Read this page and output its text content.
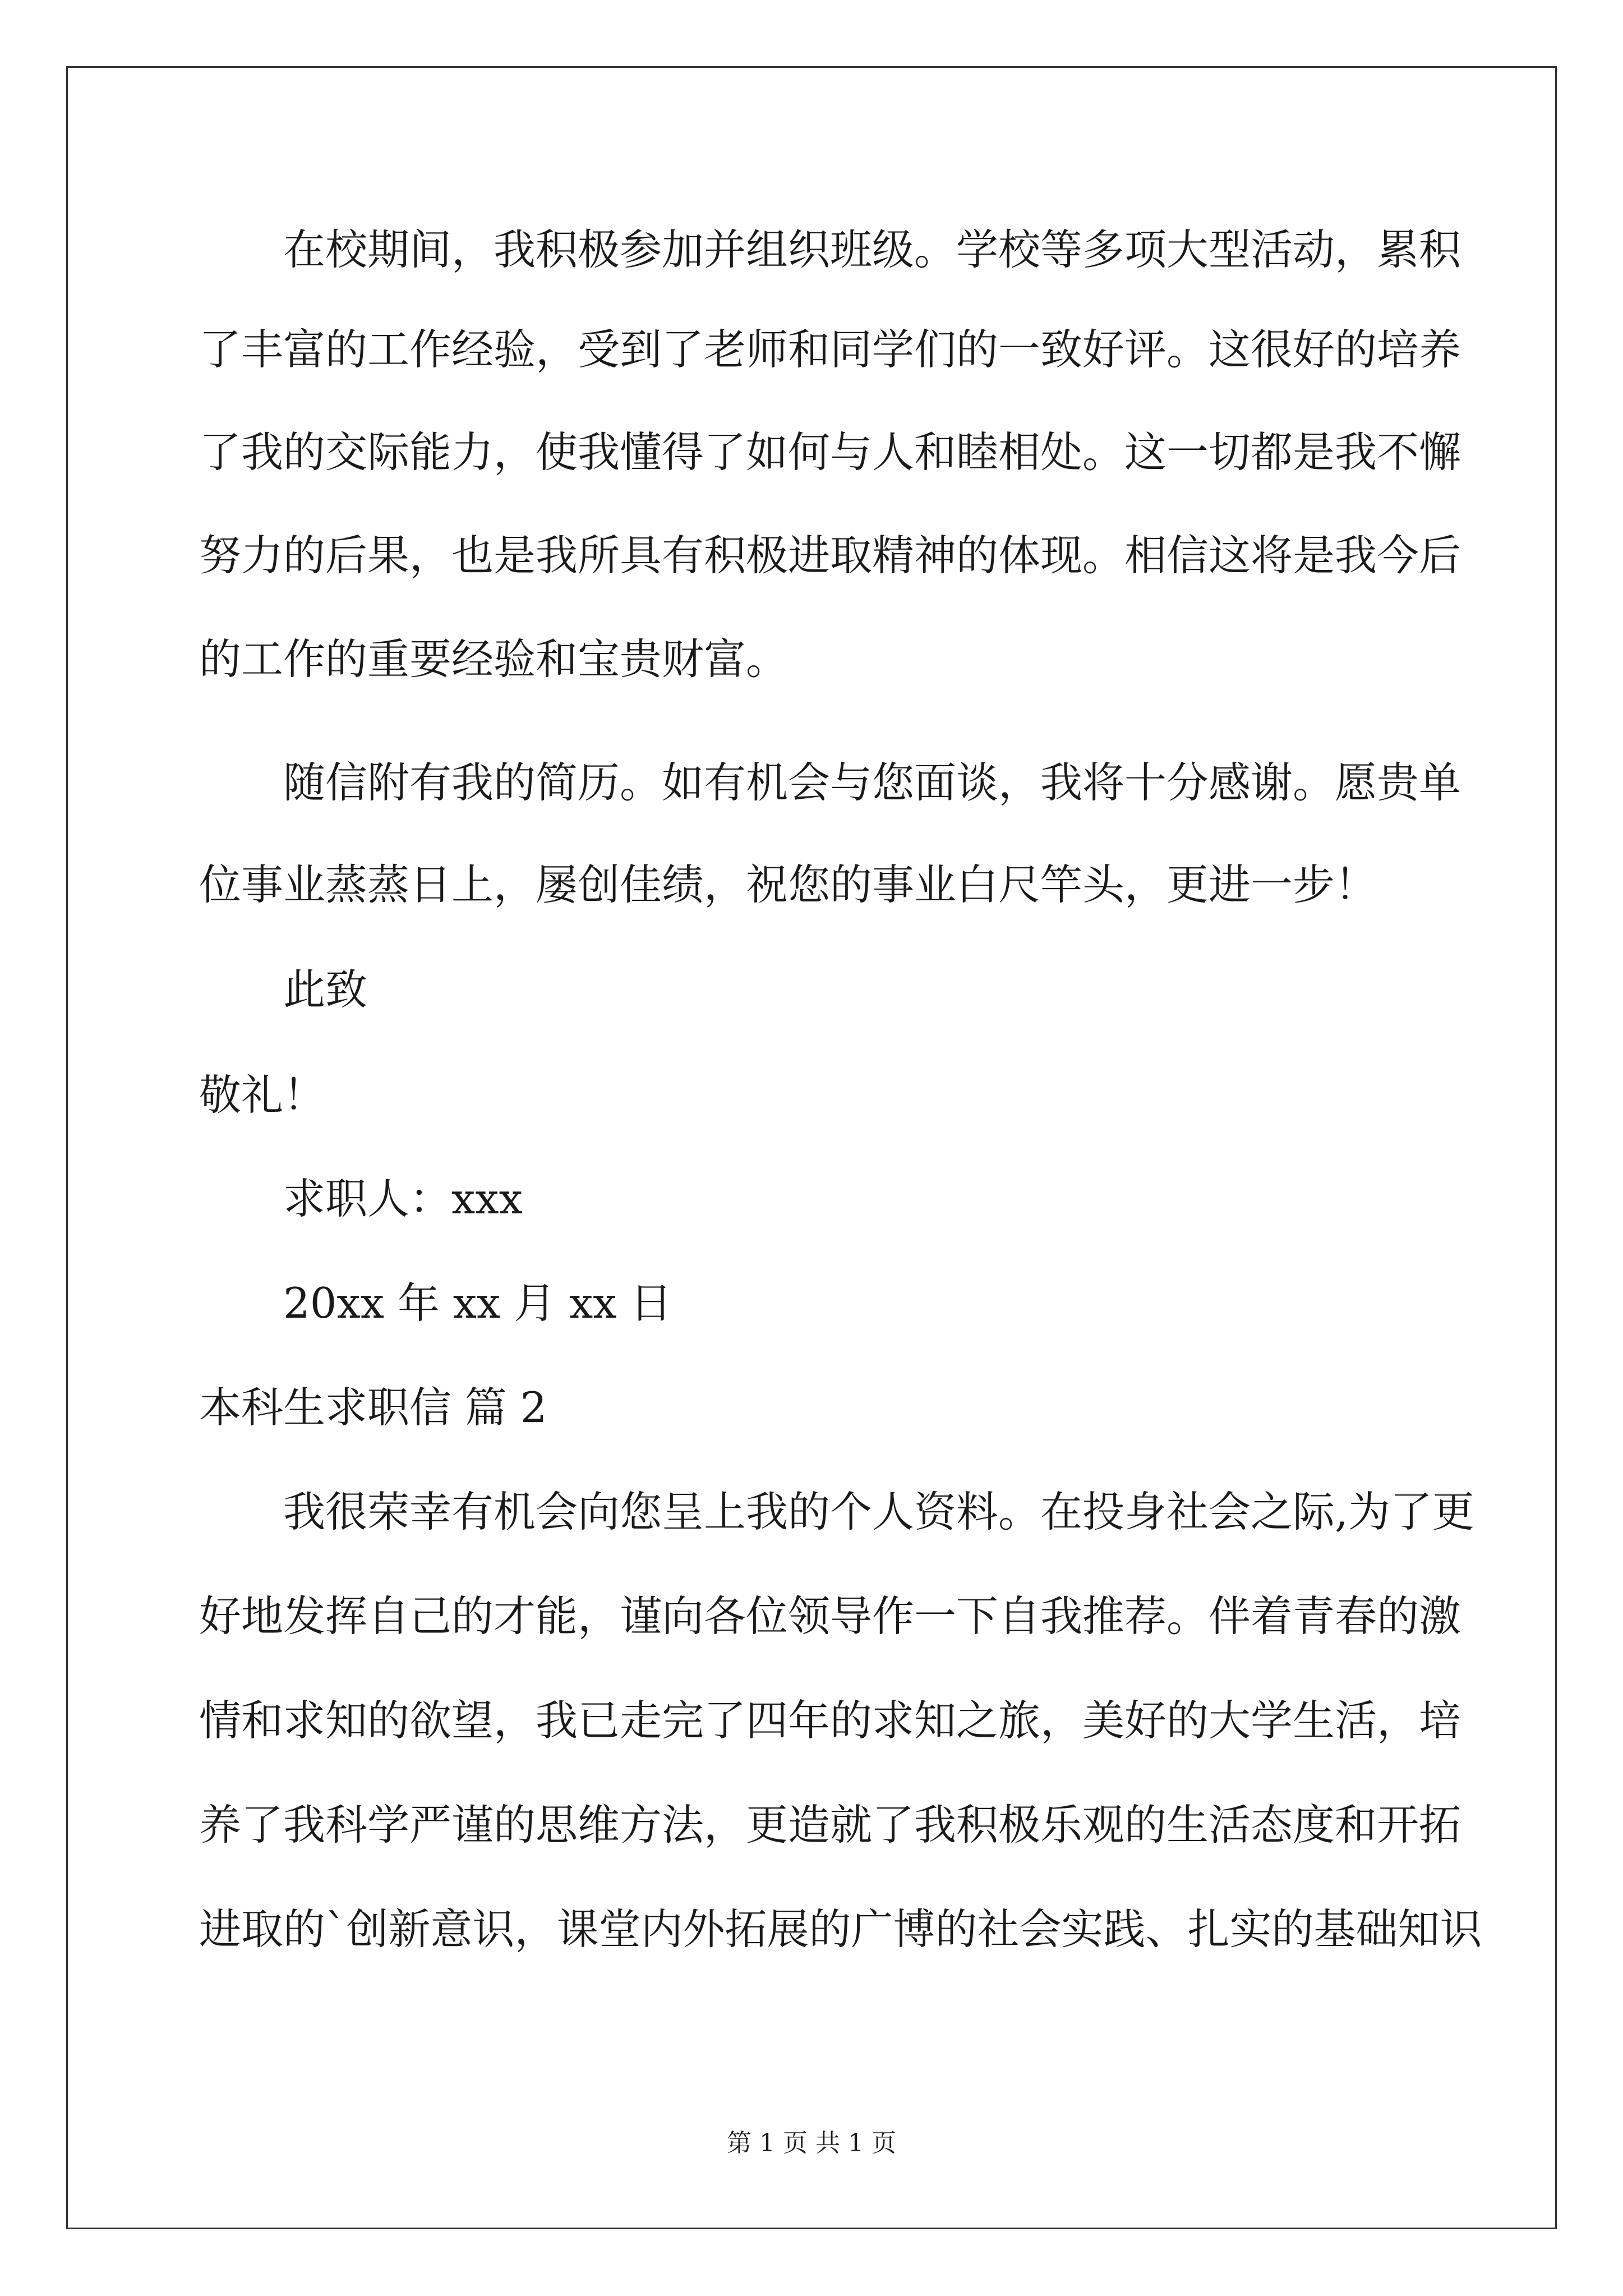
在校期间，我积极参加并组织班级。学校等多项大型活动，累积
了丰富的工作经验，受到了老师和同学们的一致好评。这很好的培养
了我的交际能力，使我懂得了如何与人和睦相处。这一切都是我不懈
努力的后果，也是我所具有积极进取精神的体现。相信这将是我今后
的工作的重要经验和宝贵财富。
随信附有我的简历。如有机会与您面谈，我将十分感谢。愿贵单
位事业蒸蒸日上，屡创佳绩，祝您的事业白尺竿头，更进一步！
此致
敬礼！
求职人：xxx
20xx 年 xx 月 xx 日
本科生求职信 篇 2
我很荣幸有机会向您呈上我的个人资料。在投身社会之际,为了更
好地发挥自己的才能，谨向各位领导作一下自我推荐。伴着青春的激
情和求知的欲望，我已走完了四年的求知之旅，美好的大学生活，培
养了我科学严谨的思维方法，更造就了我积极乐观的生活态度和开拓
进取的`创新意识，课堂内外拓展的广博的社会实践、扎实的基础知识
第 1 页 共 1 页
